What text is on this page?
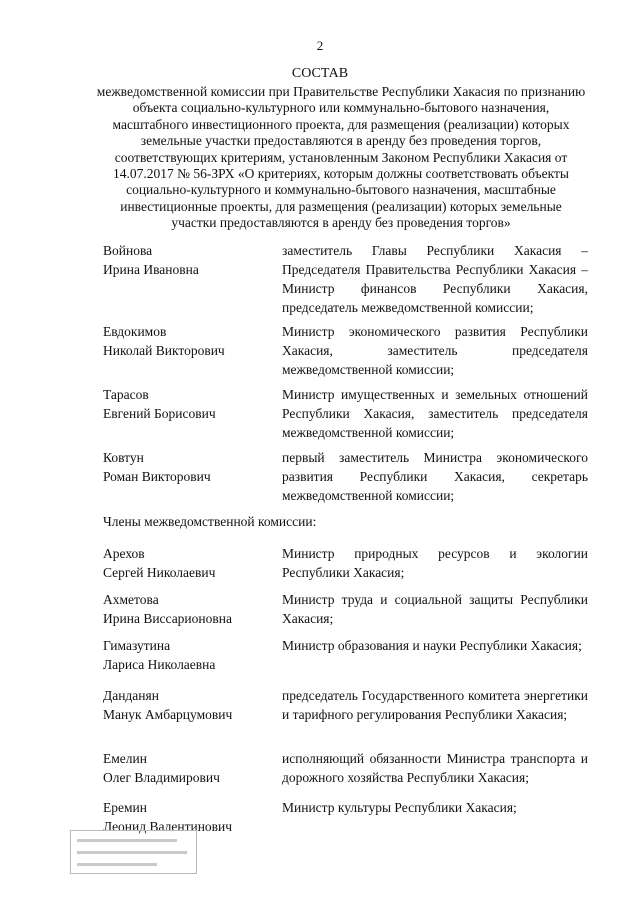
2
СОСТАВ
межведомственной комиссии при Правительстве Республики Хакасия по признанию объекта социально-культурного или коммунально-бытового назначения, масштабного инвестиционного проекта, для размещения (реализации) которых земельные участки предоставляются в аренду без проведения торгов, соответствующих критериям, установленным Законом Республики Хакасия от 14.07.2017 № 56-ЗРХ «О критериях, которым должны соответствовать объекты социально-культурного и коммунально-бытового назначения, масштабные инвестиционные проекты, для размещения (реализации) которых земельные участки предоставляются в аренду без проведения торгов»
Войнова
Ирина Ивановна
заместитель Главы Республики Хакасия – Председателя Правительства Республики Хакасия – Министр финансов Республики Хакасия, председатель межведомственной комиссии;
Евдокимов
Николай Викторович
Министр экономического развития Республики Хакасия, заместитель председателя межведомственной комиссии;
Тарасов
Евгений Борисович
Министр имущественных и земельных отношений Республики Хакасия, заместитель председателя межведомственной комиссии;
Ковтун
Роман Викторович
первый заместитель Министра экономического развития Республики Хакасия, секретарь межведомственной комиссии;
Члены межведомственной комиссии:
Арехов
Сергей Николаевич
Министр природных ресурсов и экологии Республики Хакасия;
Ахметова
Ирина Виссарионовна
Министр труда и социальной защиты Республики Хакасия;
Гимазутина
Лариса Николаевна
Министр образования и науки Республики Хакасия;
Данданян
Манук Амбарцумович
председатель Государственного комитета энергетики и тарифного регулирования Республики Хакасия;
Емелин
Олег Владимирович
исполняющий обязанности Министра транспорта и дорожного хозяйства Республики Хакасия;
Еремин
Леонид Валентинович
Министр культуры Республики Хакасия;
